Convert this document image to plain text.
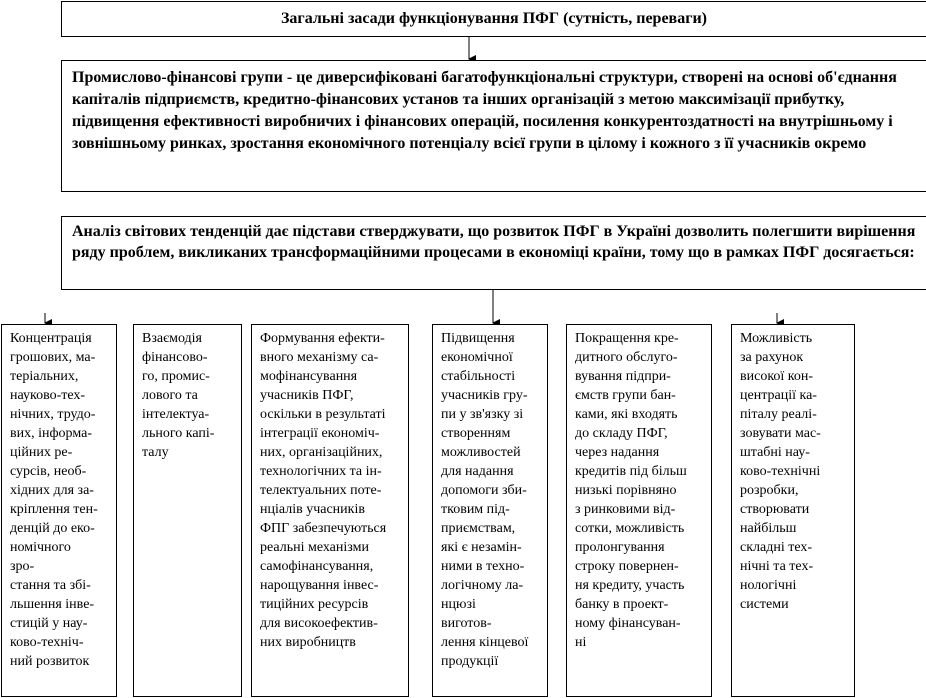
Загальні засади функціонування ПФГ (сутність, переваги)
Промислово-фінансові групи - це диверсифіковані багатофункціональні структури, створені на основі об'єднання капіталів підприємств, кредитно-фінансових установ та інших організацій з метою максимізації прибутку, підвищення ефективності виробничих і фінансових операцій, посилення конкурентоздатності на внутрішньому і зовнішньому ринках, зростання економічного потенціалу всієї групи в цілому і кожного з її учасників окремо
Аналіз світових тенденцій дає підстави стверджувати, що розвиток ПФГ в Україні дозволить полегшити вирішення ряду проблем, викликаних трансформаційними процесами в економіці країни, тому що в рамках ПФГ досягається:
Концентрація
грошових, ма-
теріальних,
науково-тех-
нічних, трудо-
вих, інформа-
ційних ре-
сурсів, необ-
хідних для за-
кріплення тен-
денцій до еко-
номічного
зро-
стання та збі-
льшення інве-
стицій у нау-
ково-техніч-
ний розвиток
Взаємодія
фінансово-
го, промис-
лового та
інтелектуа-
льного капі-
талу
Формування ефекти-
вного механізму са-
мофінансування
учасників ПФГ,
оскільки в результаті
інтеграції економіч-
них, організаційних,
технологічних та ін-
телектуальних поте-
нціалів учасників
ФПГ забезпечуються
реальні механізми
самофінансування,
нарощування інвес-
тиційних ресурсів
для високоефектив-
них виробництв
Підвищення
економічної
стабільності
учасників гру-
пи у зв'язку зі
створенням
можливостей
для надання
допомоги зби-
тковим під-
приємствам,
які є незамін-
ними в техно-
логічному ла-
нцюзі
виготов-
лення кінцевої
продукції
Покращення кре-
дитного обслуго-
вування підпри-
ємств групи бан-
ками, які входять
до складу ПФГ,
через надання
кредитів під більш
низькі порівняно
з ринковими від-
сотки, можливість
пролонгування
строку повернен-
ня кредиту, участь
банку в проект-
ному фінансуван-
ні
Можливість
за рахунок
високої кон-
центрації ка-
піталу реалі-
зовувати мас-
штабні нау-
ково-технічні
розробки,
створювати
найбільш
складні тех-
нічні та тех-
нологічні
системи
